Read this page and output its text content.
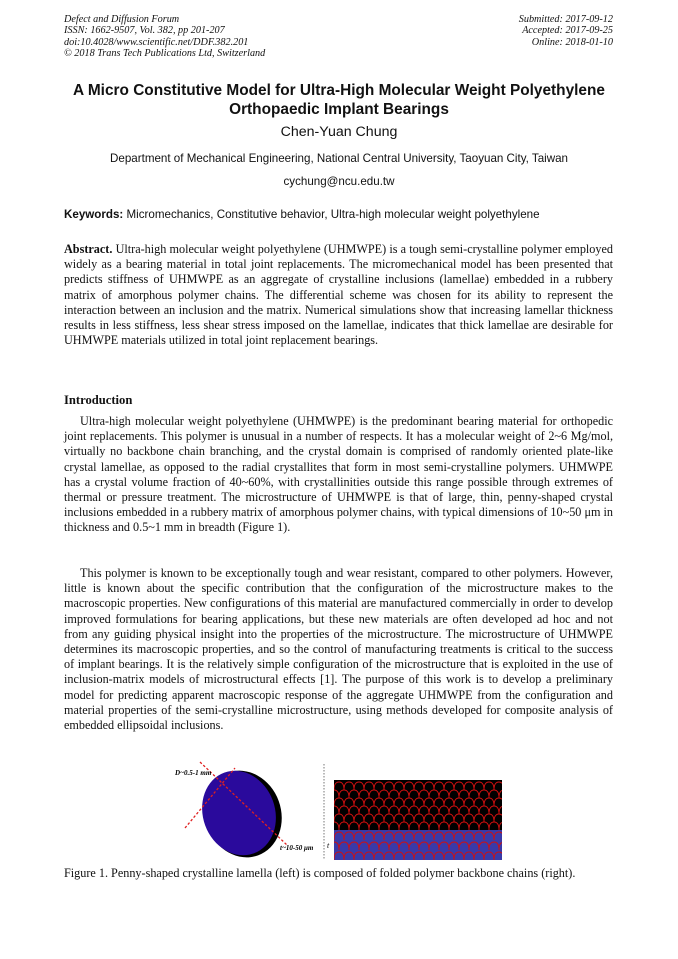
Defect and Diffusion Forum
ISSN: 1662-9507, Vol. 382, pp 201-207
doi:10.4028/www.scientific.net/DDF.382.201
© 2018 Trans Tech Publications Ltd, Switzerland
Submitted: 2017-09-12
Accepted: 2017-09-25
Online: 2018-01-10
A Micro Constitutive Model for Ultra-High Molecular Weight Polyethylene Orthopaedic Implant Bearings
Chen-Yuan Chung
Department of Mechanical Engineering, National Central University, Taoyuan City, Taiwan
cychung@ncu.edu.tw
Keywords: Micromechanics, Constitutive behavior, Ultra-high molecular weight polyethylene
Abstract. Ultra-high molecular weight polyethylene (UHMWPE) is a tough semi-crystalline polymer employed widely as a bearing material in total joint replacements. The micromechanical model has been presented that predicts stiffness of UHMWPE as an aggregate of crystalline inclusions (lamellae) embedded in a rubbery matrix of amorphous polymer chains. The differential scheme was chosen for its ability to represent the interaction between an inclusion and the matrix. Numerical simulations show that increasing lamellar thickness results in less stiffness, less shear stress imposed on the lamellae, indicates that thick lamellae are desirable for UHMWPE materials utilized in total joint replacement bearings.
Introduction
Ultra-high molecular weight polyethylene (UHMWPE) is the predominant bearing material for orthopedic joint replacements. This polymer is unusual in a number of respects. It has a molecular weight of 2~6 Mg/mol, virtually no backbone chain branching, and the crystal domain is comprised of randomly oriented plate-like crystal lamellae, as opposed to the radial crystallites that form in most semi-crystalline polymers. UHMWPE has a crystal volume fraction of 40~60%, with crystallinities outside this range possible through extremes of thermal or pressure treatment. The microstructure of UHMWPE is that of large, thin, penny-shaped crystal inclusions embedded in a rubbery matrix of amorphous polymer chains, with typical dimensions of 10~50 μm in thickness and 0.5~1 mm in breadth (Figure 1).
This polymer is known to be exceptionally tough and wear resistant, compared to other polymers. However, little is known about the specific contribution that the configuration of the microstructure makes to the macroscopic properties. New configurations of this material are manufactured commercially in order to develop improved formulations for bearing applications, but these new materials are often developed ad hoc and not from any guiding physical insight into the properties of the microstructure. The microstructure of UHMWPE determines its macroscopic properties, and so the control of manufacturing treatments is critical to the success of implant bearings. It is the relatively simple configuration of the microstructure that is exploited in the use of inclusion-matrix models of microstructural effects [1]. The purpose of this work is to develop a preliminary model for predicting apparent macroscopic response of the aggregate UHMWPE from the configuration and material properties of the semi-crystalline microstructure, using methods developed for composite analysis of embedded ellipsoidal inclusions.
D~0.5-1 mm
t~10-50 μm t
Figure 1. Penny-shaped crystalline lamella (left) is composed of folded polymer backbone chains (right).
